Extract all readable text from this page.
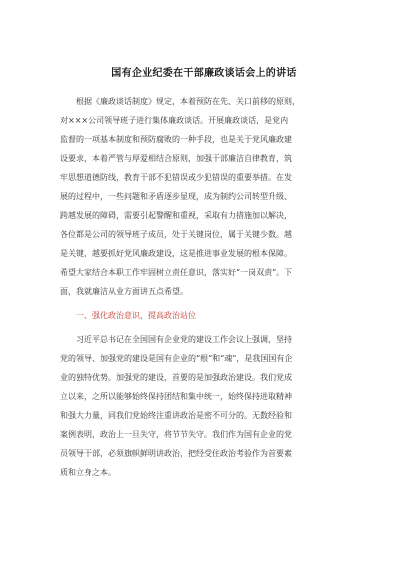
国有企业纪委在干部廉政谈话会上的讲话
　　根据《廉政谈话制度》规定，本着预防在先、关口前移的原则，
对×××公司领导班子进行集体廉政谈话。开展廉政谈话，是党内
监督的一项基本制度和预防腐败的一种手段，也是关于党风廉政建
设要求，本着严管与厚爱相结合原则，加强干部廉洁自律教育，筑
牢思想道德防线，教育干部不犯错误或少犯错误的重要举措。在发
展的过程中，一些问题和矛盾逐步显现，成为制约公司转型升级、
跨越发展的障碍，需要引起警醒和重视，采取有力措施加以解决，
各位都是公司的领导班子成员，处于关键岗位，属于关键少数。越
是关键，越要抓好党风廉政建设，这是推进事业发展的根本保障。
希望大家结合本职工作牢固树立责任意识，落实好“一岗双责”。下
面，我就廉洁从业方面讲五点希望。
　　一、强化政治意识，提高政治站位
　　习近平总书记在全国国有企业党的建设工作会议上强调，坚持
党的领导、加强党的建设是国有企业的“根”和“魂”，是我国国有企
业的独特优势。加强党的建设，首要的是加强政治建设。我们党成
立以来，之所以能够始终保持团结和集中统一，始终保持进取精神
和强大力量，同我们党始终注重讲政治是密不可分的。无数经验和
案例表明，政治上一旦失守，将节节失守。我们作为国有企业的党
员领导干部，必须旗帜鲜明讲政治，把经受住政治考验作为首要素
质和立身之本。
